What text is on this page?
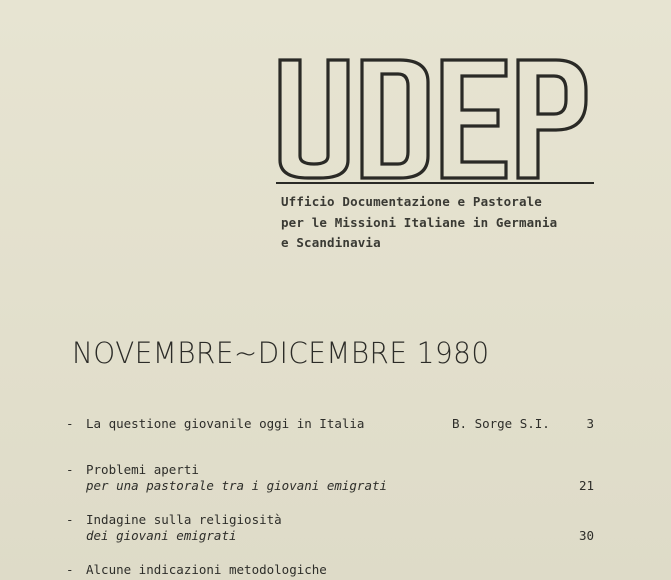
UDEP
Ufficio Documentazione e Pastorale
per le Missioni Italiane in Germania
e Scandinavia
NOVEMBRE~DICEMBRE 1980
- La questione giovanile oggi in Italia	B. Sorge S.I.	3
- Problemi aperti
per una pastorale tra i giovani emigrati	21
- Indagine sulla religiosità
dei giovani emigrati	30
- Alcune indicazioni metodologiche
